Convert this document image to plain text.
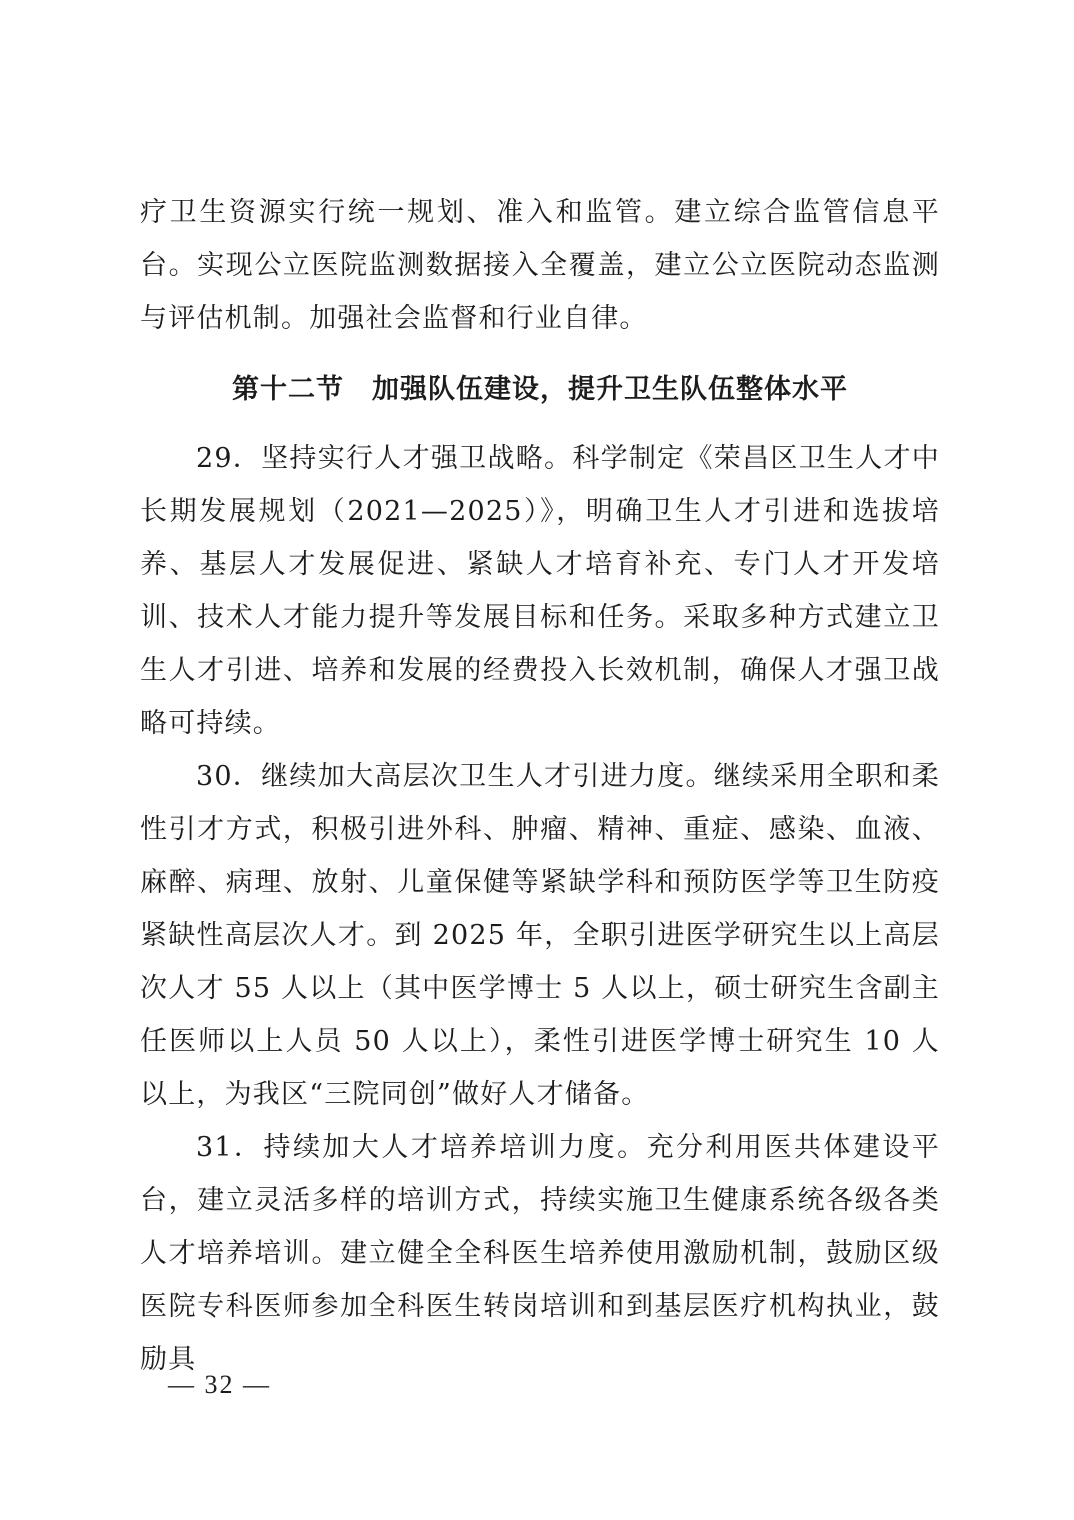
疗卫生资源实行统一规划、准入和监管。建立综合监管信息平台。实现公立医院监测数据接入全覆盖，建立公立医院动态监测与评估机制。加强社会监督和行业自律。

第十二节　加强队伍建设，提升卫生队伍整体水平

29．坚持实行人才强卫战略。科学制定《荣昌区卫生人才中长期发展规划（2021—2025）》，明确卫生人才引进和选拔培养、基层人才发展促进、紧缺人才培育补充、专门人才开发培训、技术人才能力提升等发展目标和任务。采取多种方式建立卫生人才引进、培养和发展的经费投入长效机制，确保人才强卫战略可持续。

30．继续加大高层次卫生人才引进力度。继续采用全职和柔性引才方式，积极引进外科、肿瘤、精神、重症、感染、血液、麻醉、病理、放射、儿童保健等紧缺学科和预防医学等卫生防疫紧缺性高层次人才。到 2025 年，全职引进医学研究生以上高层次人才 55 人以上（其中医学博士 5 人以上，硕士研究生含副主任医师以上人员 50 人以上），柔性引进医学博士研究生 10 人以上，为我区“三院同创”做好人才储备。

31．持续加大人才培养培训力度。充分利用医共体建设平台，建立灵活多样的培训方式，持续实施卫生健康系统各级各类人才培养培训。建立健全全科医生培养使用激励机制，鼓励区级医院专科医师参加全科医生转岗培训和到基层医疗机构执业，鼓励具

— 32 —
